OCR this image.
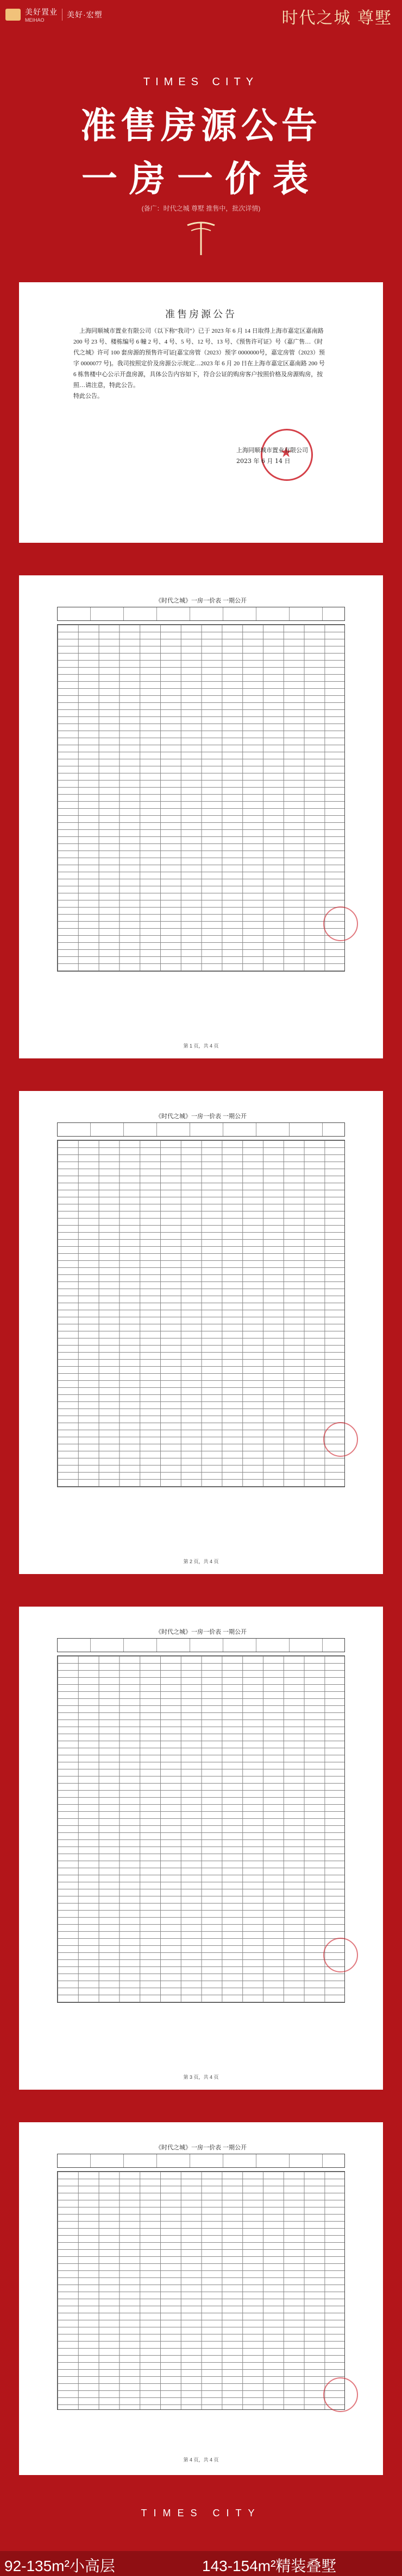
美好置业
MEIHAO
美好·宏塑	时代之城 尊墅
TIMES CITY
准售房源公告
一房一价表
(备广：时代之城 尊墅 推售中，批次详情)
准售房源公告
上海同顺城市置业有限公司（以下称“我司”）已于 2023 年 6 月 14 日取得上海市嘉定区嘉南路 200 号 23 号、楼栋编号 6 幢 2 号、4 号、5 号、12 号、13 号、《预售许可证》号（嘉广售…《时代之城》许可 100 套房源的预售许可证[嘉宝房管（2023）预字 0000000号，嘉定房管（2023）预字 0000077 号]。我司按照定价及房源公示规定…2023 年 6 月 20 日在上海市嘉定区嘉南路 200 号 6 栋售楼中心公示开盘房源，具体公告内容如下，符合公证的购房客户按照价格及房源购房，按照…请注意，特此公告。
特此公告。
★
上海同顺城市置业有限公司
2023 年 6 月 14 日
《时代之城》一房一价表 一期公开
第 1 页，共 4 页
《时代之城》一房一价表 一期公开
第 2 页，共 4 页
《时代之城》一房一价表 一期公开
第 3 页，共 4 页
《时代之城》一房一价表 一期公开
第 4 页，共 4 页
TIMES CITY
92-135m²小高层	143-154m²精装叠墅
